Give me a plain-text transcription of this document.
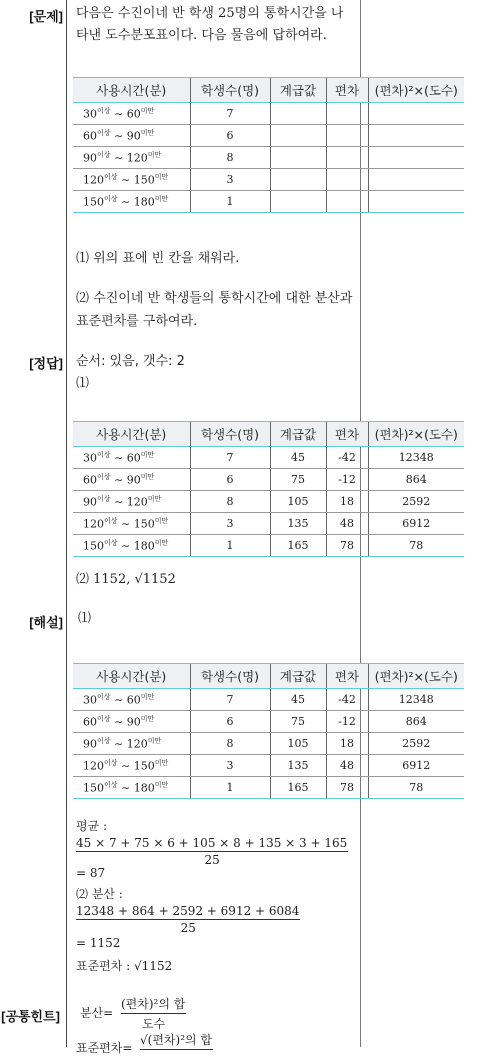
[문제] 다음은 수진이네 반 학생 25명의 통학시간을 나
타낸 도수분포표이다. 다음 물음에 답하여라.
사용시간(분)	학생수(명)	계급값	편차	(편차)²×(도수)
$30^{이상}$ ∼ $60^{미만}$	7			
$60^{이상}$ ∼ $90^{미만}$	6			
$90^{이상}$ ∼ $120^{미만}$	8			
$120^{이상}$ ∼ $150^{미만}$	3			
$150^{이상}$ ∼ $180^{미만}$	1			
⑴ 위의 표에 빈 칸을 채워라.
⑵ 수진이네 반 학생들의 통학시간에 대한 분산과
표준편차를 구하여라.
[정답] 순서: 있음, 갯수: 2
⑴
사용시간(분)	학생수(명)	계급값	편차	(편차)²×(도수)
$30^{이상}$ ∼ $60^{미만}$	7	45	-42	12348
$60^{이상}$ ∼ $90^{미만}$	6	75	-12	864
$90^{이상}$ ∼ $120^{미만}$	8	105	18	2592
$120^{이상}$ ∼ $150^{미만}$	3	135	48	6912
$150^{이상}$ ∼ $180^{미만}$	1	165	78	78
⑵ 1152, √1152
[해설] ⑴
사용시간(분)	학생수(명)	계급값	편차	(편차)²×(도수)
$30^{이상}$ ∼ $60^{미만}$	7	45	-42	12348
$60^{이상}$ ∼ $90^{미만}$	6	75	-12	864
$90^{이상}$ ∼ $120^{미만}$	8	105	18	2592
$120^{이상}$ ∼ $150^{미만}$	3	135	48	6912
$150^{이상}$ ∼ $180^{미만}$	1	165	78	78
평균 :
$\frac{45 \times 7 + 75 \times 6 + 105 \times 8 + 135 \times 3 + 165}{25}$
= 87
⑵ 분산 :
$\frac{12348 + 864 + 2592 + 6912 + 6084}{25}$
= 1152
표준편차 : √1152
[공통힌트] 분산=
(편차)²의 합
도수
표준편차=
√(편차)²의 합
